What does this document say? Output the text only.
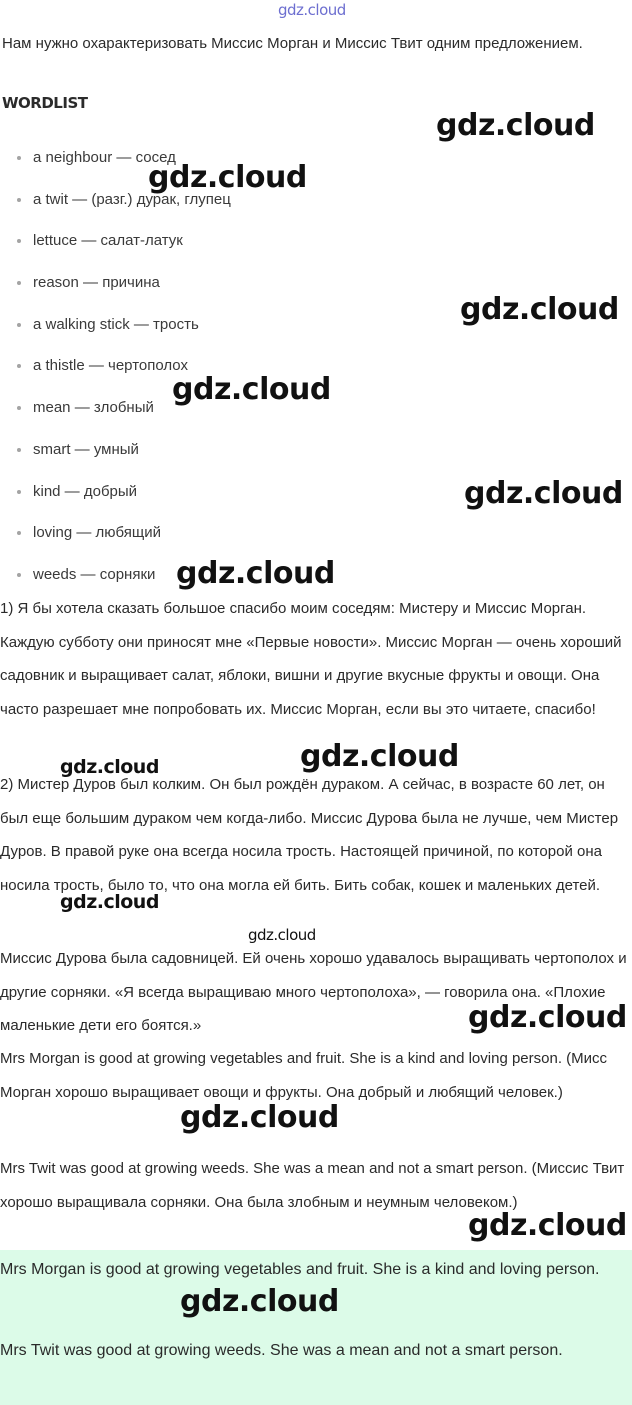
gdz.cloud
Нам нужно охарактеризовать Миссис Морган и Миссис Твит одним предложением.
WORDLIST
a neighbour — сосед
a twit — (разг.) дурак, глупец
lettuce — салат-латук
reason — причина
a walking stick — трость
a thistle — чертополох
mean — злобный
smart — умный
kind — добрый
loving — любящий
weeds — сорняки
1) Я бы хотела сказать большое спасибо моим соседям: Мистеру и Миссис Морган. Каждую субботу они приносят мне «Первые новости». Миссис Морган — очень хороший садовник и выращивает салат, яблоки, вишни и другие вкусные фрукты и овощи. Она часто разрешает мне попробовать их. Миссис Морган, если вы это читаете, спасибо!
2) Мистер Дуров был колким. Он был рождён дураком. А сейчас, в возрасте 60 лет, он был еще большим дураком чем когда-либо. Миссис Дурова была не лучше, чем Мистер Дуров. В правой руке она всегда носила трость. Настоящей причиной, по которой она носила трость, было то, что она могла ей бить. Бить собак, кошек и маленьких детей.
Миссис Дурова была садовницей. Ей очень хорошо удавалось выращивать чертополох и другие сорняки. «Я всегда выращиваю много чертополоха», — говорила она. «Плохие маленькие дети его боятся.»
Mrs Morgan is good at growing vegetables and fruit. She is a kind and loving person. (Мисс Морган хорошо выращивает овощи и фрукты. Она добрый и любящий человек.)
Mrs Twit was good at growing weeds. She was a mean and not a smart person. (Миссис Твит хорошо выращивала сорняки. Она была злобным и неумным человеком.)
Mrs Morgan is good at growing vegetables and fruit. She is a kind and loving person.
Mrs Twit was good at growing weeds. She was a mean and not a smart person.
gdz.cloud
gdz.cloud
gdz.cloud
gdz.cloud
gdz.cloud
gdz.cloud
gdz.cloud
gdz.cloud
gdz.cloud
gdz.cloud
gdz.cloud
gdz.cloud
gdz.cloud
gdz.cloud
